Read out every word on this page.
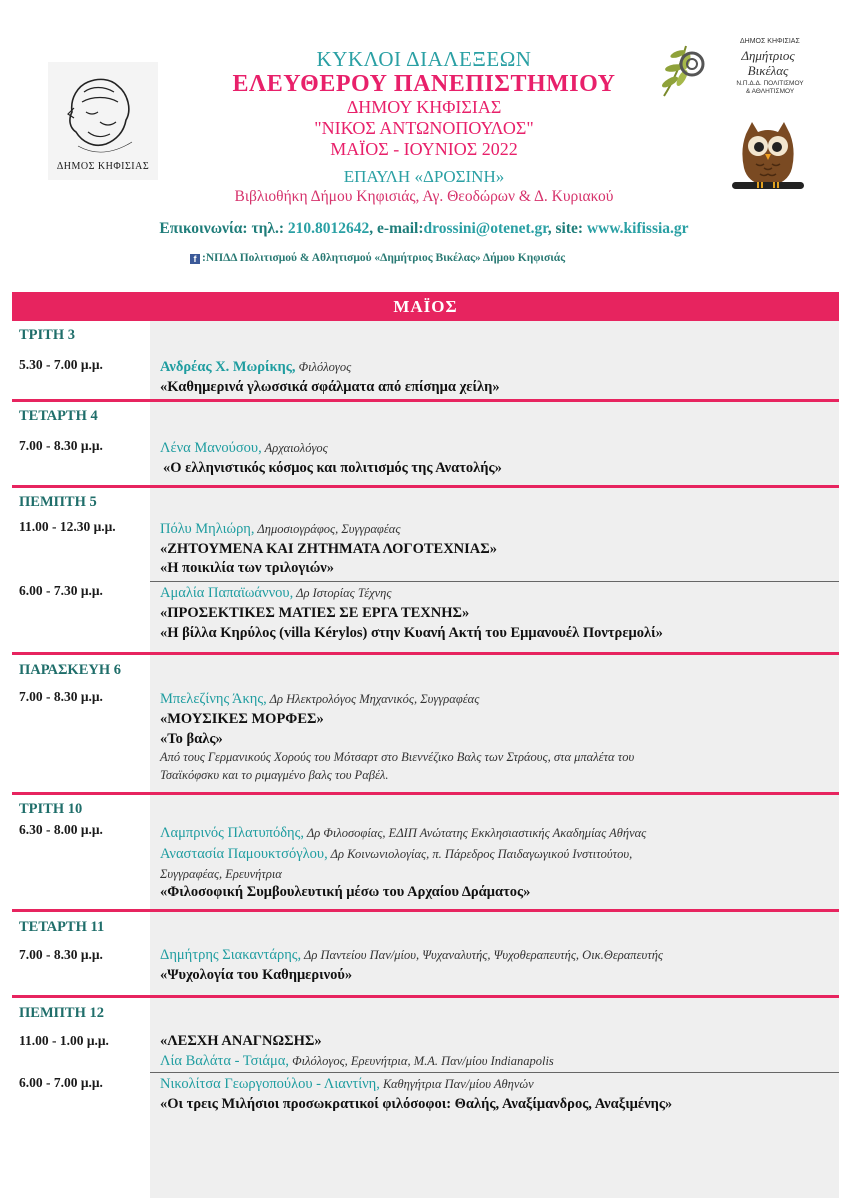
ΔΗΜΟΣ ΚΗΦΙΣΙΑΣ
ΚΥΚΛΟΙ ΔΙΑΛΕΞΕΩΝ
ΕΛΕΥΘΕΡΟΥ ΠΑΝΕΠΙΣΤΗΜΙΟΥ
ΔΗΜΟΥ ΚΗΦΙΣΙΑΣ
"ΝΙΚΟΣ ΑΝΤΩΝΟΠΟΥΛΟΣ"
ΜΑΪΟΣ - ΙΟΥΝΙΟΣ 2022
ΕΠΑΥΛΗ «ΔΡΟΣΙΝΗ»
Βιβλιοθήκη Δήμου Κηφισιάς, Αγ. Θεοδώρων & Δ. Κυριακού
Επικοινωνία: τηλ.: 210.8012642, e-mail:drossini@otenet.gr, site: www.kifissia.gr
f :ΝΠΔΔ Πολιτισμού & Αθλητισμού «Δημήτριος Βικέλας» Δήμου Κηφισιάς
ΔΗΜΟΣ ΚΗΦΙΣΙΑΣ
Δημήτριος Βικέλας
Ν.Π.Δ.Δ. ΠΟΛΙΤΙΣΜΟΥ
& ΑΘΛΗΤΙΣΜΟΥ
ΜΑΪΟΣ
ΤΡΙΤΗ 3
5.30 - 7.00 μ.μ.	Ανδρέας Χ. Μωρίκης, Φιλόλογος
«Καθημερινά γλωσσικά σφάλματα από επίσημα χείλη»
ΤΕΤΑΡΤΗ 4
7.00 - 8.30 μ.μ.	Λένα Μανούσου, Αρχαιολόγος
«Ο ελληνιστικός κόσμος και πολιτισμός της Ανατολής»
ΠΕΜΠΤΗ 5
11.00 - 12.30 μ.μ.	Πόλυ Μηλιώρη, Δημοσιογράφος, Συγγραφέας
«ΖΗΤΟΥΜΕΝΑ ΚΑΙ ΖΗΤΗΜΑΤΑ ΛΟΓΟΤΕΧΝΙΑΣ»
«Η ποικιλία των τριλογιών»
6.00 - 7.30 μ.μ.	Αμαλία Παπαϊωάννου, Δρ Ιστορίας Τέχνης
«ΠΡΟΣΕΚΤΙΚΕΣ ΜΑΤΙΕΣ ΣΕ ΕΡΓΑ ΤΕΧΝΗΣ»
«Η βίλλα Κηρύλος (villa Kérylos) στην Κυανή Ακτή του Εμμανουέλ Ποντρεμολί»
ΠΑΡΑΣΚΕΥΗ 6
7.00 - 8.30 μ.μ.	Μπελεζίνης Άκης, Δρ Ηλεκτρολόγος Μηχανικός, Συγγραφέας
«ΜΟΥΣΙΚΕΣ ΜΟΡΦΕΣ»
«Το βαλς»
Από τους Γερμανικούς Χορούς του Μότσαρτ στο Βιεννέζικο Βαλς των Στράους, στα μπαλέτα του
Τσαϊκόφσκυ και το ριμαγμένο βαλς του Ραβέλ.
ΤΡΙΤΗ 10
6.30 - 8.00 μ.μ.	Λαμπρινός Πλατυπόδης, Δρ Φιλοσοφίας, ΕΔΙΠ Ανώτατης Εκκλησιαστικής Ακαδημίας Αθήνας
Αναστασία Παμουκτσόγλου, Δρ Κοινωνιολογίας, π. Πάρεδρος Παιδαγωγικού Ινστιτούτου,
Συγγραφέας, Ερευνήτρια
«Φιλοσοφική Συμβουλευτική μέσω του Αρχαίου Δράματος»
ΤΕΤΑΡΤΗ 11
7.00 - 8.30 μ.μ.	Δημήτρης Σιακαντάρης, Δρ Παντείου Παν/μίου, Ψυχαναλυτής, Ψυχοθεραπευτής, Οικ.Θεραπευτής
«Ψυχολογία του Καθημερινού»
ΠΕΜΠΤΗ 12
11.00 - 1.00 μ.μ.	«ΛΕΣΧΗ ΑΝΑΓΝΩΣΗΣ»
Λία Βαλάτα - Τσιάμα, Φιλόλογος, Ερευνήτρια, Μ.Α. Παν/μίου Indianapolis
6.00 - 7.00 μ.μ.	Νικολίτσα Γεωργοπούλου - Λιαντίνη, Καθηγήτρια Παν/μίου Αθηνών
«Οι τρεις Μιλήσιοι προσωκρατικοί φιλόσοφοι: Θαλής, Αναξίμανδρος, Αναξιμένης»
